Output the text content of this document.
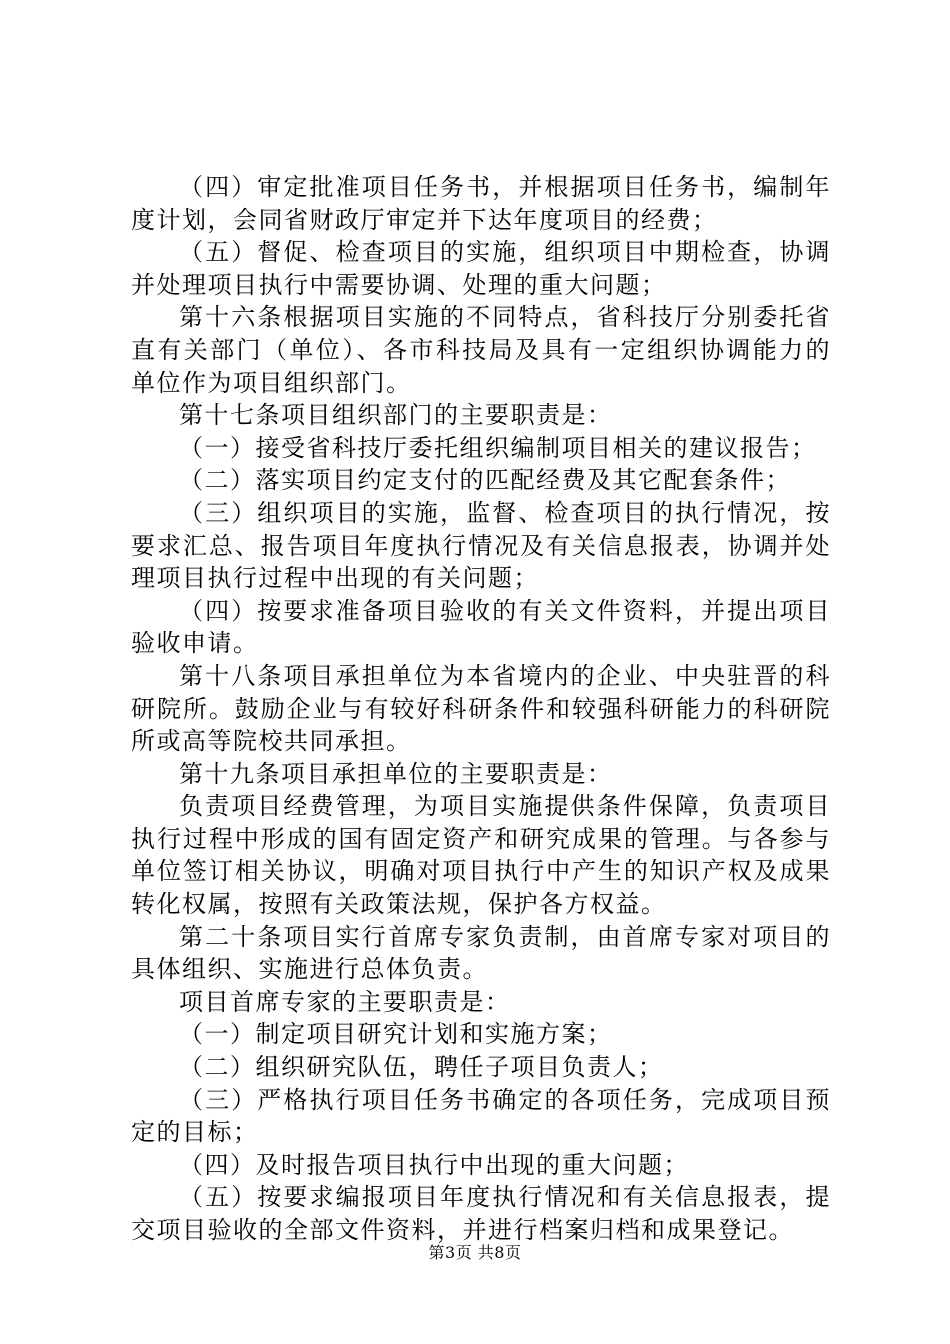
（四）审定批准项目任务书，并根据项目任务书，编制年度计划，会同省财政厅审定并下达年度项目的经费；

（五）督促、检查项目的实施，组织项目中期检查，协调并处理项目执行中需要协调、处理的重大问题；

第十六条根据项目实施的不同特点，省科技厅分别委托省直有关部门（单位）、各市科技局及具有一定组织协调能力的单位作为项目组织部门。

第十七条项目组织部门的主要职责是：

（一）接受省科技厅委托组织编制项目相关的建议报告；

（二）落实项目约定支付的匹配经费及其它配套条件；

（三）组织项目的实施，监督、检查项目的执行情况，按要求汇总、报告项目年度执行情况及有关信息报表，协调并处理项目执行过程中出现的有关问题；

（四）按要求准备项目验收的有关文件资料，并提出项目验收申请。

第十八条项目承担单位为本省境内的企业、中央驻晋的科研院所。鼓励企业与有较好科研条件和较强科研能力的科研院所或高等院校共同承担。

第十九条项目承担单位的主要职责是：

负责项目经费管理，为项目实施提供条件保障，负责项目执行过程中形成的国有固定资产和研究成果的管理。与各参与单位签订相关协议，明确对项目执行中产生的知识产权及成果转化权属，按照有关政策法规，保护各方权益。

第二十条项目实行首席专家负责制，由首席专家对项目的具体组织、实施进行总体负责。

项目首席专家的主要职责是：

（一）制定项目研究计划和实施方案；

（二）组织研究队伍，聘任子项目负责人；

（三）严格执行项目任务书确定的各项任务，完成项目预定的目标；

（四）及时报告项目执行中出现的重大问题；

（五）按要求编报项目年度执行情况和有关信息报表，提交项目验收的全部文件资料，并进行档案归档和成果登记。

第3页 共8页
